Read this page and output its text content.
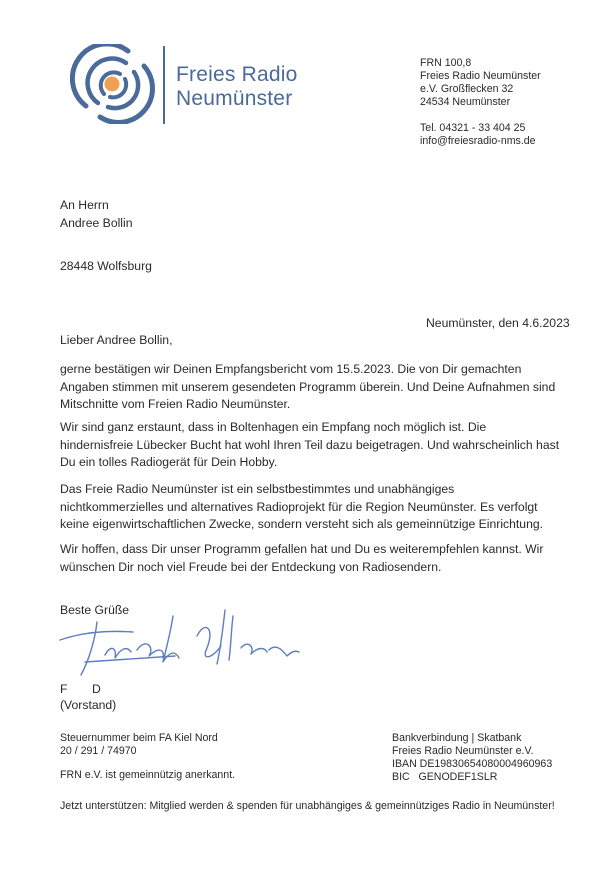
Freies Radio
Neumünster
FRN 100,8
Freies Radio Neumünster
e.V. Großflecken 32
24534 Neumünster
Tel. 04321 - 33 404 25
info@freiesradio-nms.de
An Herrn
Andree Bollin
28448 Wolfsburg
Neumünster, den 4.6.2023
Lieber Andree Bollin,
gerne bestätigen wir Deinen Empfangsbericht vom 15.5.2023. Die von Dir gemachten Angaben stimmen mit unserem gesendeten Programm überein. Und Deine Aufnahmen sind Mitschnitte vom Freien Radio Neumünster.
Wir sind ganz erstaunt, dass in Boltenhagen ein Empfang noch möglich ist. Die hindernisfreie Lübecker Bucht hat wohl Ihren Teil dazu beigetragen. Und wahrscheinlich hast Du ein tolles Radiogerät für Dein Hobby.
Das Freie Radio Neumünster ist ein selbstbestimmtes und unabhängiges nichtkommerzielles und alternatives Radioprojekt für die Region Neumünster. Es verfolgt keine eigenwirtschaftlichen Zwecke, sondern versteht sich als gemeinnützige Einrichtung.
Wir hoffen, dass Dir unser Programm gefallen hat und Du es weiterempfehlen kannst. Wir wünschen Dir noch viel Freude bei der Entdeckung von Radiosendern.
Beste Grüße
F D
(Vorstand)
Steuernummer beim FA Kiel Nord
20 / 291 / 74970
FRN e.V. ist gemeinnützig anerkannt.
Bankverbindung | Skatbank
Freies Radio Neumünster e.V.
IBAN DE19830654080004960963
BIC   GENODEF1SLR
Jetzt unterstützen: Mitglied werden & spenden für unabhängiges & gemeinnütziges Radio in Neumünster!
